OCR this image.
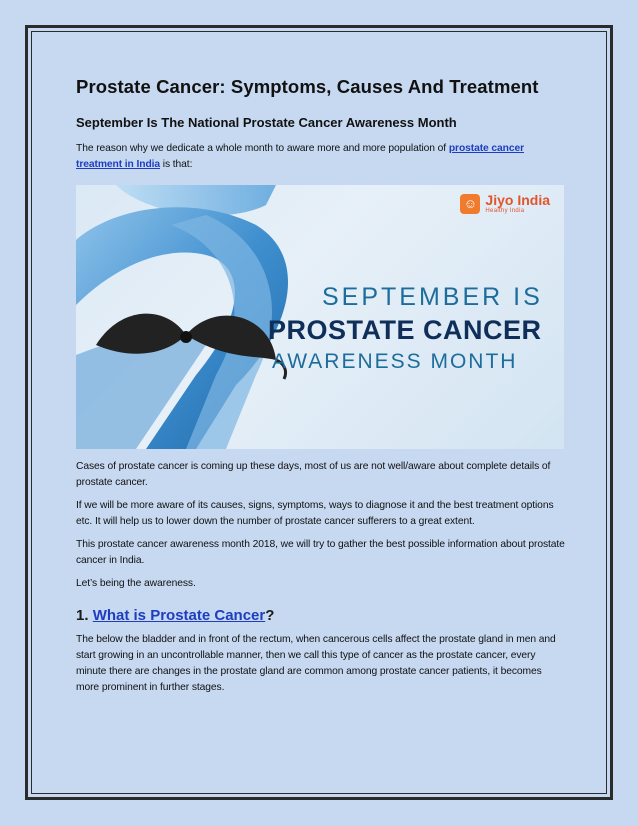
Prostate Cancer: Symptoms, Causes And Treatment
September Is The National Prostate Cancer Awareness Month

The reason why we dedicate a whole month to aware more and more population of prostate cancer treatment in India is that:

☺ Jiyo India
Healthy India
SEPTEMBER IS
PROSTATE CANCER
AWARENESS MONTH

Cases of prostate cancer is coming up these days, most of us are not well/aware about complete details of prostate cancer.

If we will be more aware of its causes, signs, symptoms, ways to diagnose it and the best treatment options etc. It will help us to lower down the number of prostate cancer sufferers to a great extent.

This prostate cancer awareness month 2018, we will try to gather the best possible information about prostate cancer in India.

Let’s being the awareness.

1. What is Prostate Cancer?

The below the bladder and in front of the rectum, when cancerous cells affect the prostate gland in men and start growing in an uncontrollable manner, then we call this type of cancer as the prostate cancer, every minute there are changes in the prostate gland are common among prostate cancer patients, it becomes more prominent in further stages.
